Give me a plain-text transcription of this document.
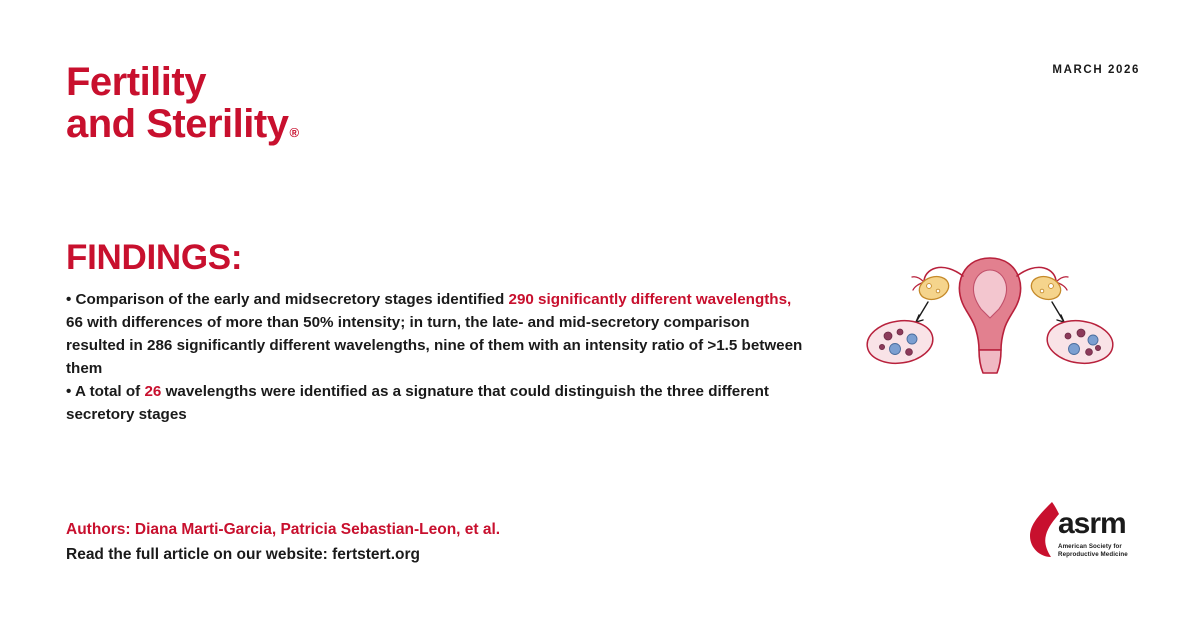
Fertility
and Sterility®
MARCH 2026
FINDINGS:

• Comparison of the early and midsecretory stages identified 290 significantly different wavelengths, 66 with differences of more than 50% intensity; in turn, the late- and mid-secretory comparison resulted in 286 significantly different wavelengths, nine of them with an intensity ratio of >1.5 between them

• A total of 26 wavelengths were identified as a signature that could distinguish the three different secretory stages

Authors: Diana Marti-Garcia, Patricia Sebastian-Leon, et al.
Read the full article on our website: fertstert.org
asrm
American Society for Reproductive Medicine
